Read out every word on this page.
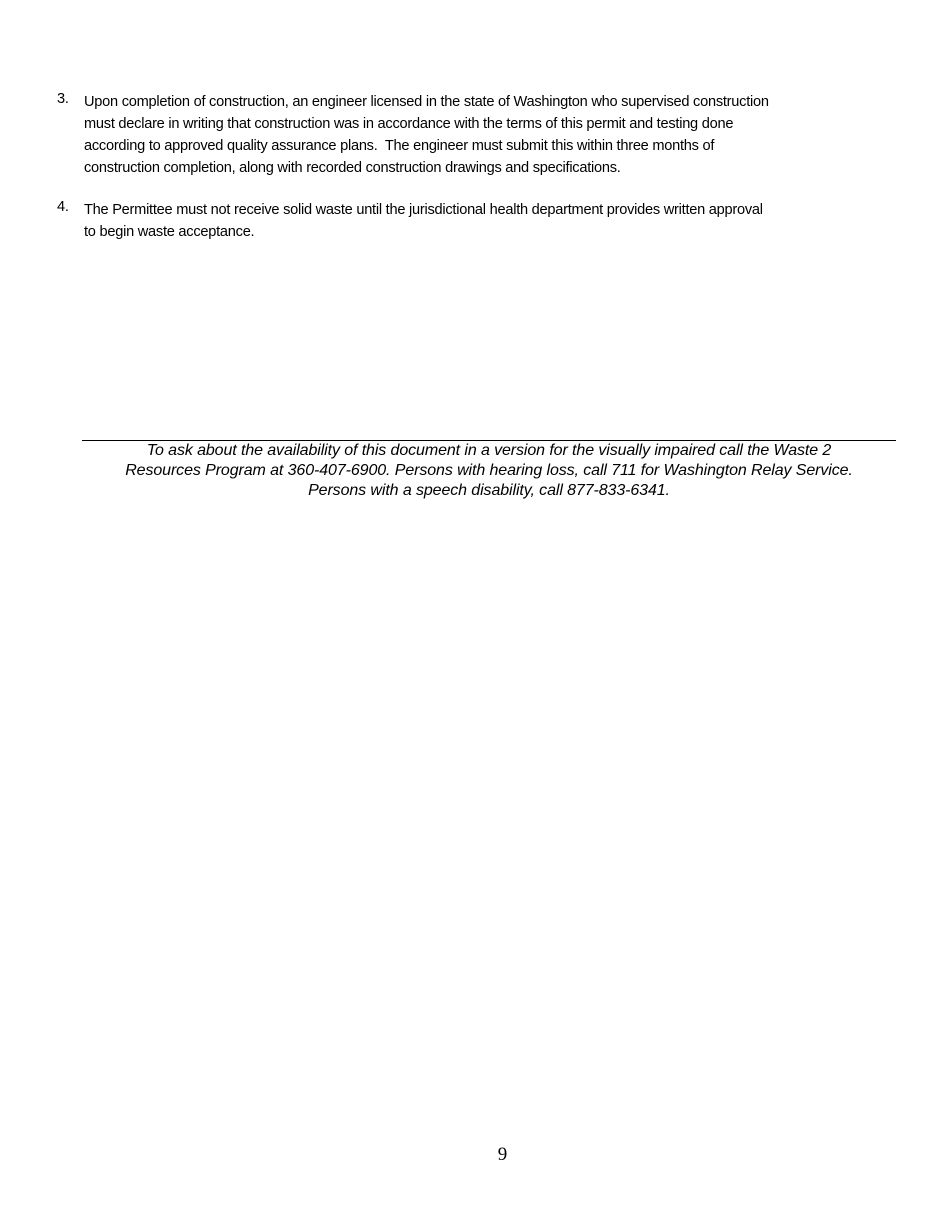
3. Upon completion of construction, an engineer licensed in the state of Washington who supervised construction
must declare in writing that construction was in accordance with the terms of this permit and testing done
according to approved quality assurance plans.  The engineer must submit this within three months of
construction completion, along with recorded construction drawings and specifications.
4. The Permittee must not receive solid waste until the jurisdictional health department provides written approval
to begin waste acceptance.
To ask about the availability of this document in a version for the visually impaired call the Waste 2
Resources Program at 360-407-6900. Persons with hearing loss, call 711 for Washington Relay Service.
Persons with a speech disability, call 877-833-6341.
9
